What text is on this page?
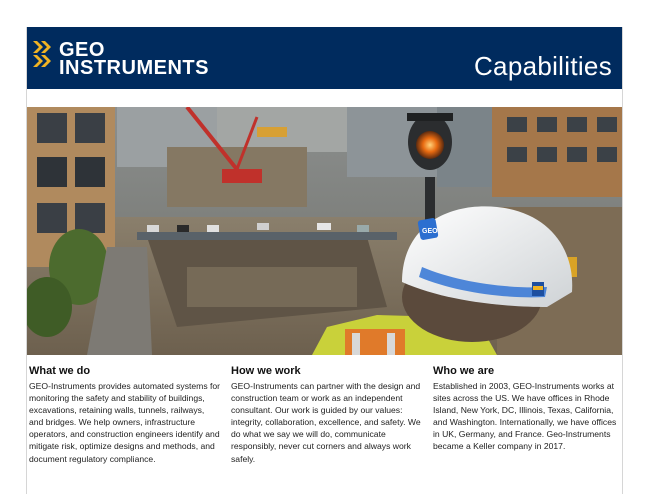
GEO
INSTRUMENTS	Capabilities
GEO
What we do

GEO-Instruments provides automated systems for monitoring the safety and stability of buildings, excavations, retaining walls, tunnels, railways, and bridges. We help owners, infrastructure operators, and construction engineers identify and mitigate risk, optimize designs and methods, and document regulatory compliance.

How we work

GEO-Instruments can partner with the design and construction team or work as an independent consultant. Our work is guided by our values: integrity, collaboration, excellence, and safety. We do what we say we will do, communicate responsibly, never cut corners and always work safely.

Who we are

Established in 2003, GEO-Instruments works at sites across the US. We have offices in Rhode Island, New York, DC, Illinois, Texas, California, and Washington. Internationally, we have offices in UK, Germany, and France. Geo-Instruments became a Keller company in 2017.
